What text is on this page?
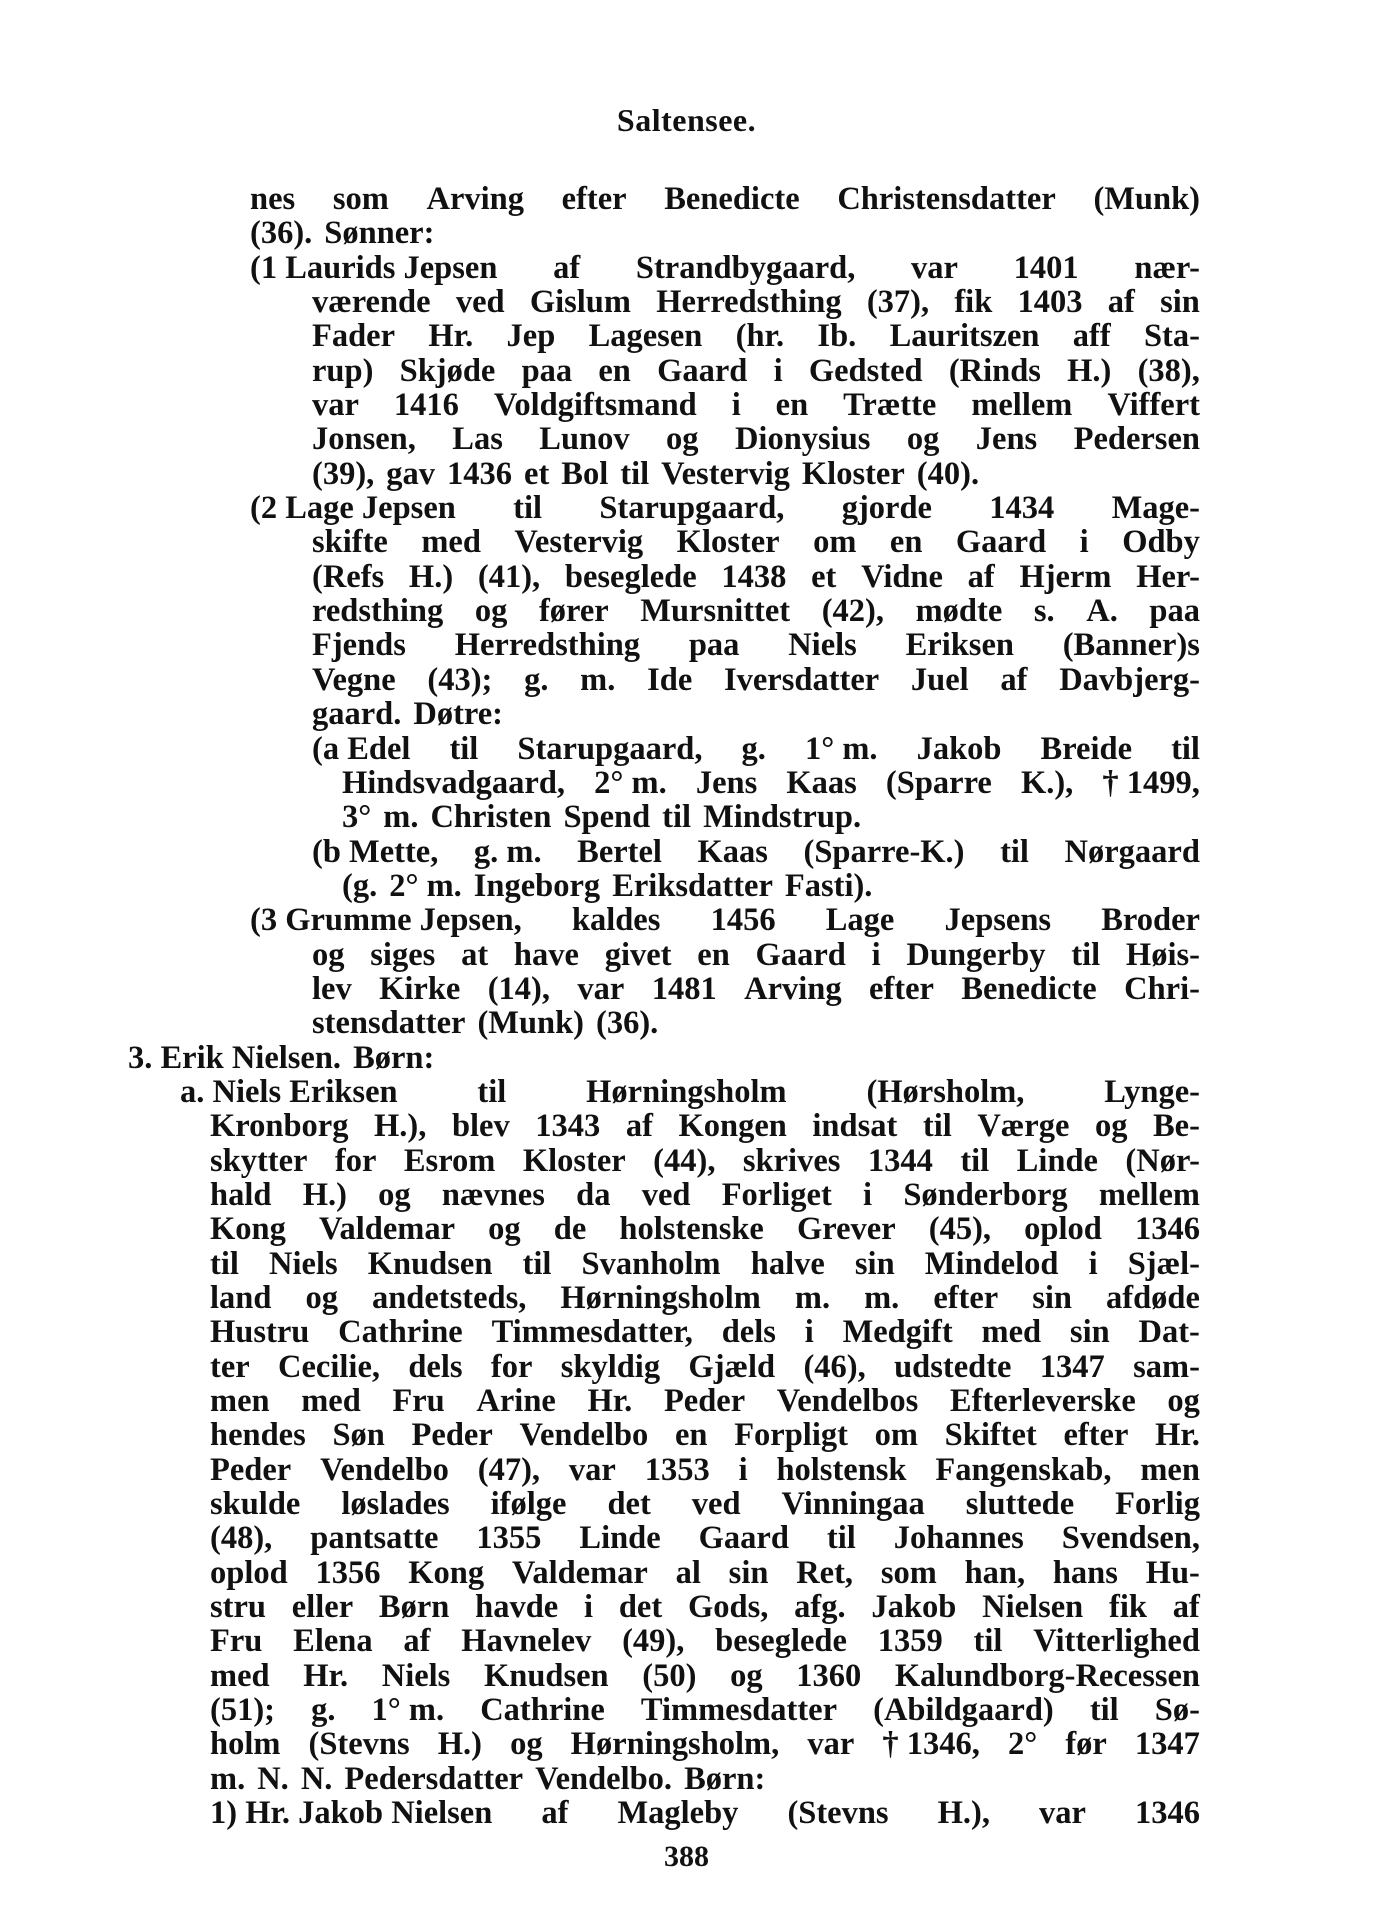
Saltensee.
nes som Arving efter Benedicte Christensdatter (Munk)
(36). Sønner:
(1 Laurids Jepsen af Strandbygaard, var 1401 nær-
værende ved Gislum Herredsthing (37), fik 1403 af sin
Fader Hr. Jep Lagesen (hr. Ib. Lauritszen aff Sta-
rup) Skjøde paa en Gaard i Gedsted (Rinds H.) (38),
var 1416 Voldgiftsmand i en Trætte mellem Viffert
Jonsen, Las Lunov og Dionysius og Jens Pedersen
(39), gav 1436 et Bol til Vestervig Kloster (40).
(2 Lage Jepsen til Starupgaard, gjorde 1434 Mage-
skifte med Vestervig Kloster om en Gaard i Odby
(Refs H.) (41), beseglede 1438 et Vidne af Hjerm Her-
redsthing og fører Mursnittet (42), mødte s. A. paa
Fjends Herredsthing paa Niels Eriksen (Banner)s
Vegne (43); g. m. Ide Iversdatter Juel af Davbjerg-
gaard. Døtre:
(a Edel til Starupgaard, g. 1° m. Jakob Breide til
Hindsvadgaard, 2° m. Jens Kaas (Sparre K.), † 1499,
3° m. Christen Spend til Mindstrup.
(b Mette, g. m. Bertel Kaas (Sparre-K.) til Nørgaard
(g. 2° m. Ingeborg Eriksdatter Fasti).
(3 Grumme Jepsen, kaldes 1456 Lage Jepsens Broder
og siges at have givet en Gaard i Dungerby til Høis-
lev Kirke (14), var 1481 Arving efter Benedicte Chri-
stensdatter (Munk) (36).
3. Erik Nielsen. Børn:
a. Niels Eriksen til Hørningsholm (Hørsholm, Lynge-
Kronborg H.), blev 1343 af Kongen indsat til Værge og Be-
skytter for Esrom Kloster (44), skrives 1344 til Linde (Nør-
hald H.) og nævnes da ved Forliget i Sønderborg mellem
Kong Valdemar og de holstenske Grever (45), oplod 1346
til Niels Knudsen til Svanholm halve sin Mindelod i Sjæl-
land og andetsteds, Hørningsholm m. m. efter sin afdøde
Hustru Cathrine Timmesdatter, dels i Medgift med sin Dat-
ter Cecilie, dels for skyldig Gjæld (46), udstedte 1347 sam-
men med Fru Arine Hr. Peder Vendelbos Efterleverske og
hendes Søn Peder Vendelbo en Forpligt om Skiftet efter Hr.
Peder Vendelbo (47), var 1353 i holstensk Fangenskab, men
skulde løslades ifølge det ved Vinningaa sluttede Forlig
(48), pantsatte 1355 Linde Gaard til Johannes Svendsen,
oplod 1356 Kong Valdemar al sin Ret, som han, hans Hu-
stru eller Børn havde i det Gods, afg. Jakob Nielsen fik af
Fru Elena af Havnelev (49), beseglede 1359 til Vitterlighed
med Hr. Niels Knudsen (50) og 1360 Kalundborg-Recessen
(51); g. 1° m. Cathrine Timmesdatter (Abildgaard) til Sø-
holm (Stevns H.) og Hørningsholm, var † 1346, 2° før 1347
m. N. N. Pedersdatter Vendelbo. Børn:
1) Hr. Jakob Nielsen af Magleby (Stevns H.), var 1346
388
